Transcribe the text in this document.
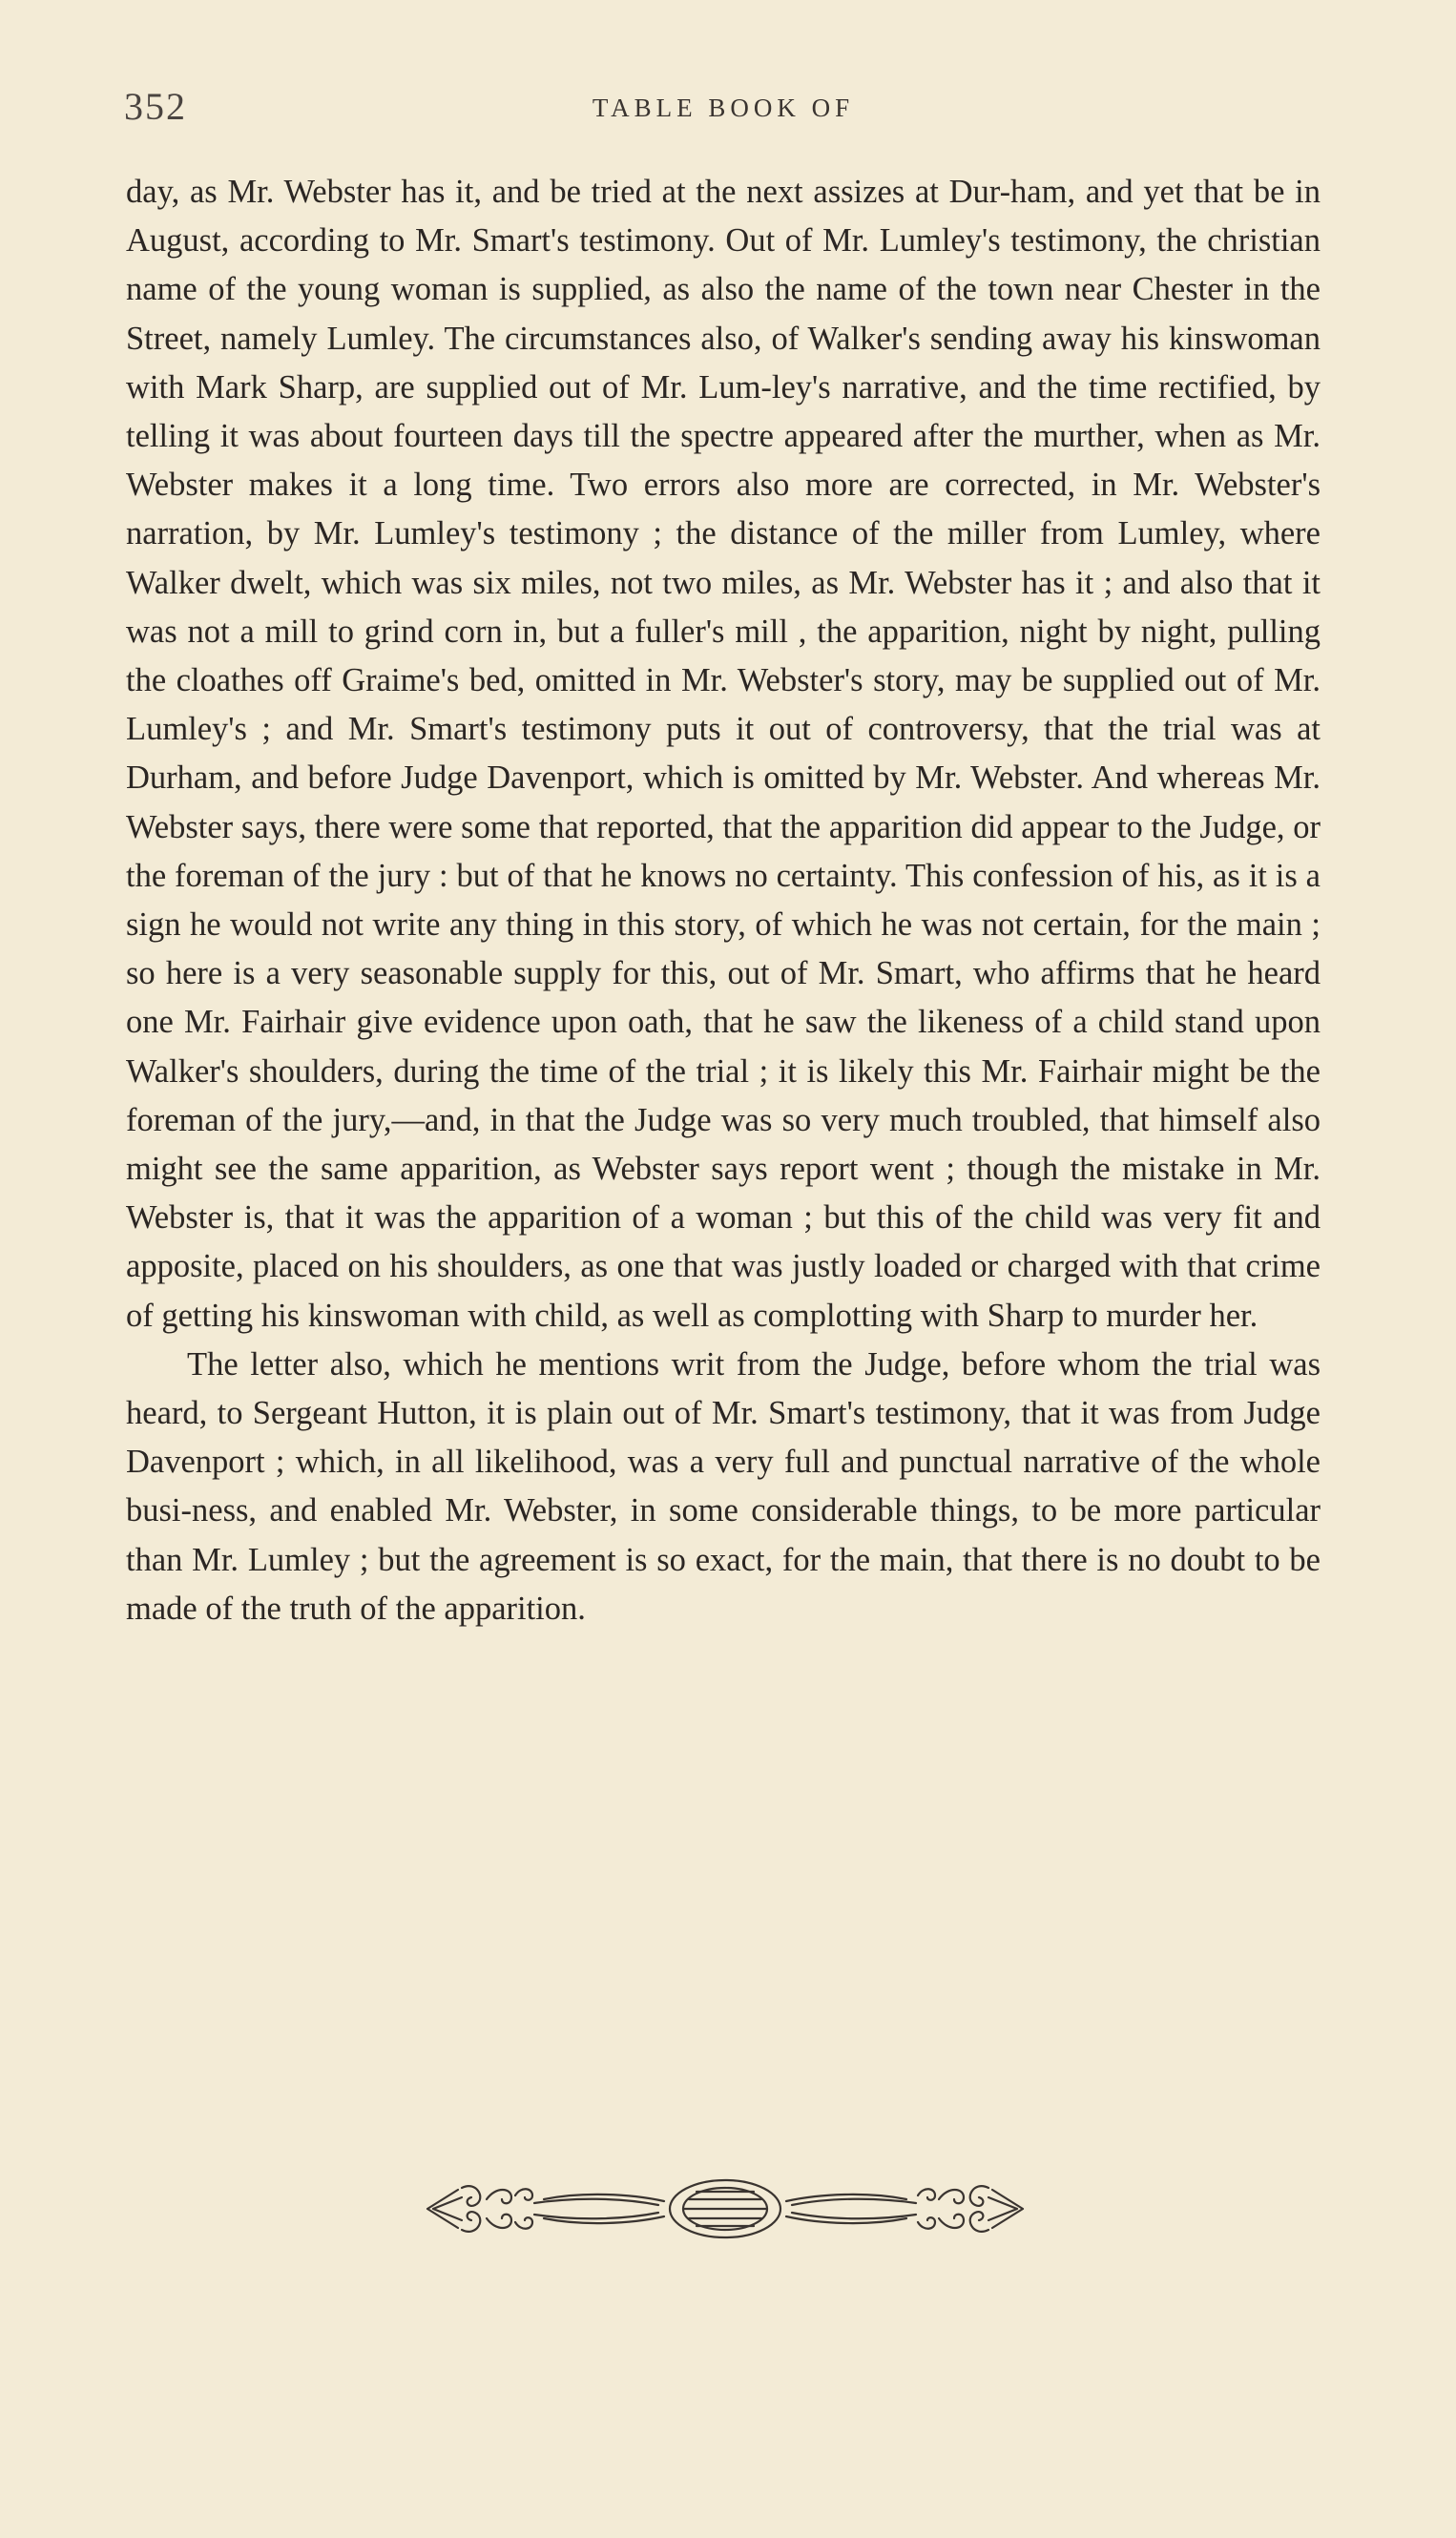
352	TABLE BOOK OF

day, as Mr. Webster has it, and be tried at the next assizes at Dur-ham, and yet that be in August, according to Mr. Smart's testimony. Out of Mr. Lumley's testimony, the christian name of the young woman is supplied, as also the name of the town near Chester in the Street, namely Lumley. The circumstances also, of Walker's sending away his kinswoman with Mark Sharp, are supplied out of Mr. Lum-ley's narrative, and the time rectified, by telling it was about fourteen days till the spectre appeared after the murther, when as Mr. Webster makes it a long time. Two errors also more are corrected, in Mr. Webster's narration, by Mr. Lumley's testimony ; the distance of the miller from Lumley, where Walker dwelt, which was six miles, not two miles, as Mr. Webster has it ; and also that it was not a mill to grind corn in, but a fuller's mill , the apparition, night by night, pulling the cloathes off Graime's bed, omitted in Mr. Webster's story, may be supplied out of Mr. Lumley's ; and Mr. Smart's testimony puts it out of controversy, that the trial was at Durham, and before Judge Davenport, which is omitted by Mr. Webster. And whereas Mr. Webster says, there were some that reported, that the apparition did appear to the Judge, or the foreman of the jury : but of that he knows no certainty. This confession of his, as it is a sign he would not write any thing in this story, of which he was not certain, for the main ; so here is a very seasonable supply for this, out of Mr. Smart, who affirms that he heard one Mr. Fairhair give evidence upon oath, that he saw the likeness of a child stand upon Walker's shoulders, during the time of the trial ; it is likely this Mr. Fairhair might be the foreman of the jury,—and, in that the Judge was so very much troubled, that himself also might see the same apparition, as Webster says report went ; though the mistake in Mr. Webster is, that it was the apparition of a woman ; but this of the child was very fit and apposite, placed on his shoulders, as one that was justly loaded or charged with that crime of getting his kinswoman with child, as well as complotting with Sharp to murder her.

The letter also, which he mentions writ from the Judge, before whom the trial was heard, to Sergeant Hutton, it is plain out of Mr. Smart's testimony, that it was from Judge Davenport ; which, in all likelihood, was a very full and punctual narrative of the whole busi-ness, and enabled Mr. Webster, in some considerable things, to be more particular than Mr. Lumley ; but the agreement is so exact, for the main, that there is no doubt to be made of the truth of the apparition.
